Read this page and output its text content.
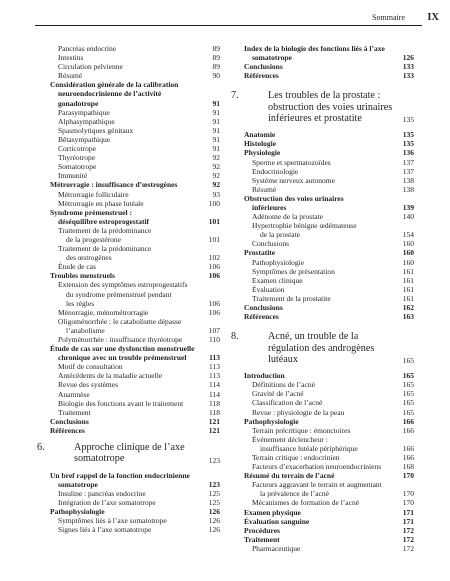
Sommaire IX
Pancréas endocrine	89
Intestins	89
Circulation pelvienne	89
Résumé	90
Considération générale de la calibration
neuroendocrinienne de l’activité
gonadotrope	91
Parasympathique	91
Alphasympathique	91
Spasmolytiques génitaux	91
Bêtasympathique	91
Corticotrope	91
Thyréotrope	92
Somatotrope	92
Immunité	92
Métrorragie : insuffisance d’œstrogènes	92
Métrorragie folliculaire	93
Métrorragie en phase lutéale	100
Syndrome prémenstruel :
déséquilibre estroprogestatif	101
Traitement de la prédominance
de la progestérone	101
Traitement de la prédominance
des œstrogènes	102
Étude de cas	106
Troubles menstruels	106
Extension des symptômes estroprogestatifs
du syndrome prémenstruel pendant
les règles	106
Ménorragie, ménométrorragie	106
Oligoménorrhée : le catabolisme dépasse
l’anabolisme	107
Polyménorrhée : insuffisance thyréotrope	110
Étude de cas sur une dysfonction menstruelle
chronique avec un trouble prémenstruel	113
Motif de consultation	113
Antécédents de la maladie actuelle	113
Revue des systèmes	114
Anamnèse	114
Biologie des fonctions avant le traitement	118
Traitement	118
Conclusions	121
Références	121
6.	Approche clinique de l’axe somatotrope	123
Un bref rappel de la fonction endocrinienne
somatotrope	123
Insuline : pancréas endocrine	125
Intégration de l’axe somatotrope	125
Pathophysiologie	126
Symptômes liés à l’axe somatotrope	126
Signes liés à l’axe somatotrope	126
Index de la biologie des fonctions liés à l’axe
somatotrope	126
Conclusions	133
Références	133
7.	Les troubles de la prostate : obstruction des voies urinaires inférieures et prostatite	135
Anatomie	135
Histologie	135
Physiologie	136
Sperme et spermatozoïdes	137
Endocrinologie	137
Système nerveux autonome	138
Résumé	138
Obstruction des voies urinaires
inférieures	139
Adénome de la prostate	140
Hypertrophie bénigne œdémateuse
de la prostate	154
Conclusions	160
Prostatite	160
Pathophysiologie	160
Symptômes de présentation	161
Examen clinique	161
Évaluation	161
Traitement de la prostatite	161
Conclusions	162
Références	163
8.	Acné, un trouble de la régulation des androgènes lutéaux	165
Introduction	165
Définitions de l’acné	165
Gravité de l’acné	165
Classification de l’acné	165
Revue : physiologie de la peau	165
Pathophysiologie	166
Terrain précritique : émonctoires	166
Événement déclencheur :
insuffisance lutéale périphérique	166
Terrain critique : endocrinien	166
Facteurs d’exacerbation neuroendocriniens	168
Résumé du terrain de l’acné	170
Facteurs aggravant le terrain et augmentant
la prévalence de l’acné	170
Mécanismes de formation de l’acné	170
Examen physique	171
Évaluation sanguine	171
Procédures	172
Traitement	172
Pharmaceutique	172
